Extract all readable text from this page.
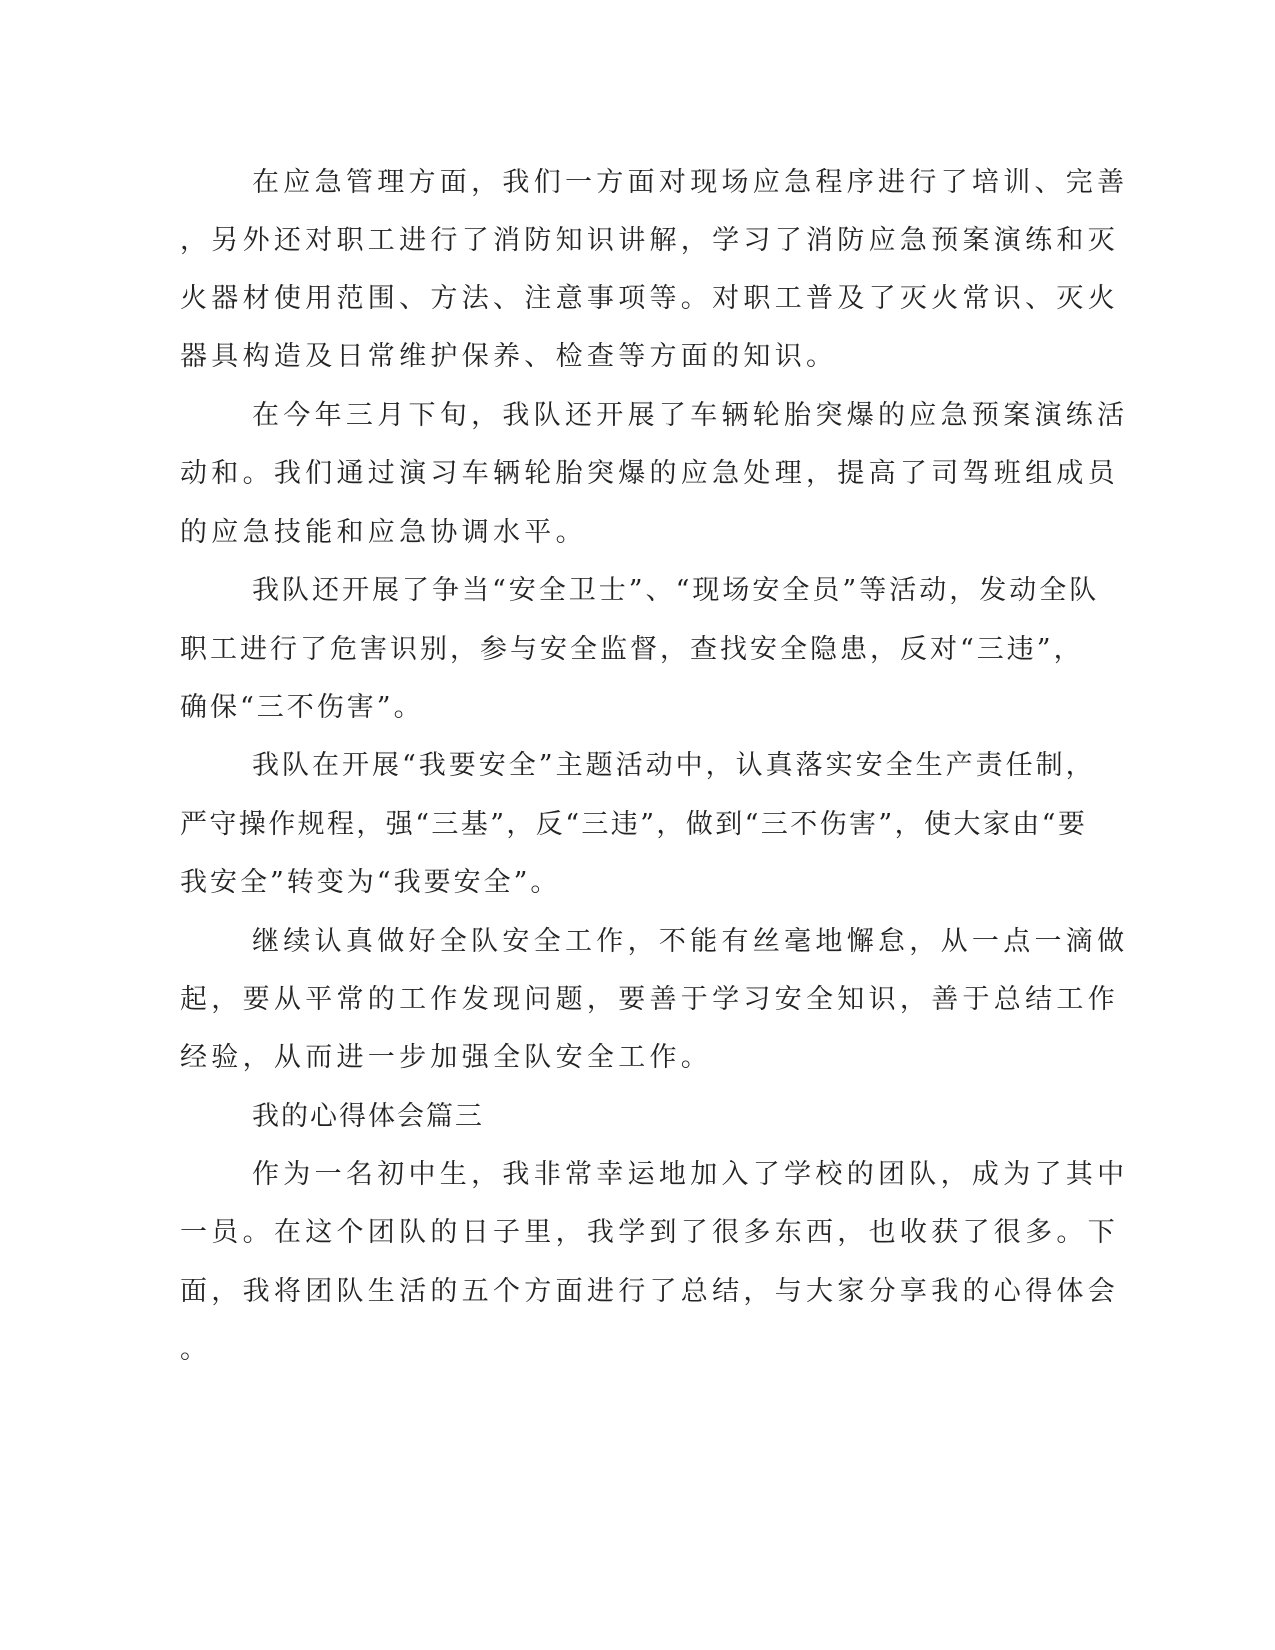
在应急管理方面，我们一方面对现场应急程序进行了培训、完善

，另外还对职工进行了消防知识讲解，学习了消防应急预案演练和灭

火器材使用范围、方法、注意事项等。对职工普及了灭火常识、灭火

器具构造及日常维护保养、检查等方面的知识。

在今年三月下旬，我队还开展了车辆轮胎突爆的应急预案演练活

动和。我们通过演习车辆轮胎突爆的应急处理，提高了司驾班组成员

的应急技能和应急协调水平。

我队还开展了争当“安全卫士”、“现场安全员”等活动，发动全队

职工进行了危害识别，参与安全监督，查找安全隐患，反对“三违”，

确保“三不伤害”。

我队在开展“我要安全”主题活动中，认真落实安全生产责任制，

严守操作规程，强“三基”，反“三违”，做到“三不伤害”，使大家由“要

我安全”转变为“我要安全”。

继续认真做好全队安全工作，不能有丝毫地懈怠，从一点一滴做

起，要从平常的工作发现问题，要善于学习安全知识，善于总结工作

经验，从而进一步加强全队安全工作。

我的心得体会篇三

作为一名初中生，我非常幸运地加入了学校的团队，成为了其中

一员。在这个团队的日子里，我学到了很多东西，也收获了很多。下

面，我将团队生活的五个方面进行了总结，与大家分享我的心得体会

。
